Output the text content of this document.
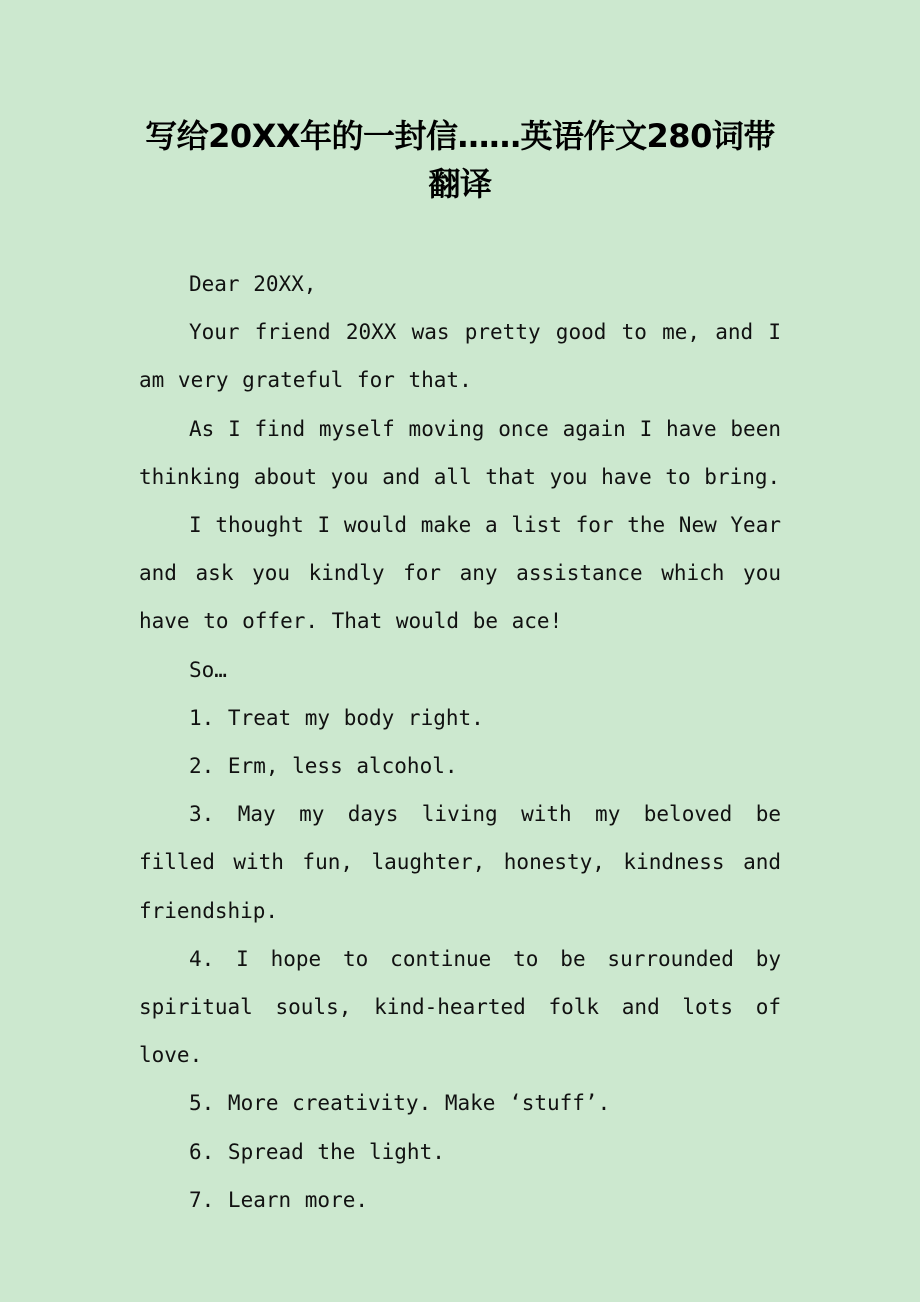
写给20XX年的一封信……英语作文280词带翻译

Dear 20XX,

Your friend 20XX was pretty good to me, and I am very grateful for that.

As I find myself moving once again I have been thinking about you and all that you have to bring.

I thought I would make a list for the New Year and ask you kindly for any assistance which you have to offer. That would be ace!

So…

1. Treat my body right.

2. Erm, less alcohol.

3. May my days living with my beloved be filled with fun, laughter, honesty, kindness and friendship.

4. I hope to continue to be surrounded by spiritual souls, kind-hearted folk and lots of love.

5. More creativity. Make ‘stuff’.

6. Spread the light.

7. Learn more.
